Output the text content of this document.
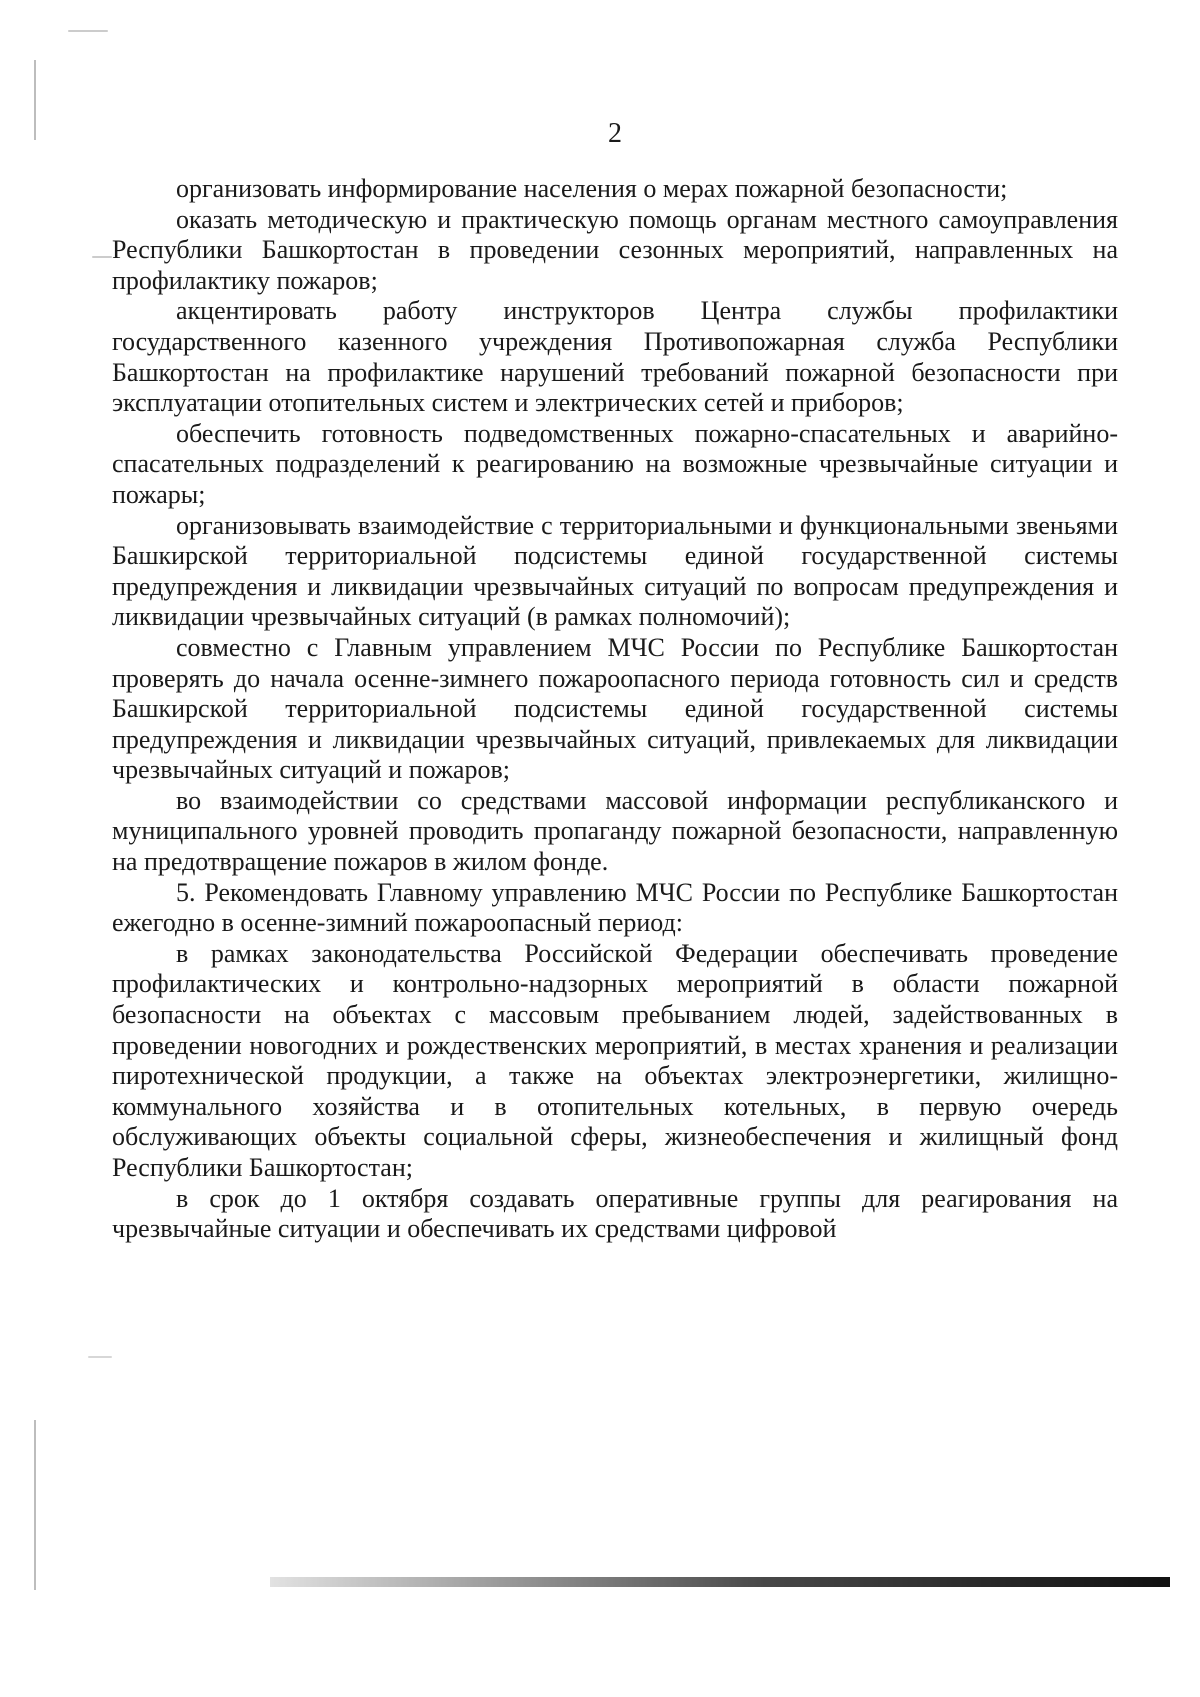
2

организовать информирование населения о мерах пожарной безопасности;

оказать методическую и практическую помощь органам местного самоуправления Республики Башкортостан в проведении сезонных мероприятий, направленных на профилактику пожаров;

акцентировать работу инструкторов Центра службы профилактики государственного казенного учреждения Противопожарная служба Республики Башкортостан на профилактике нарушений требований пожарной безопасности при эксплуатации отопительных систем и электрических сетей и приборов;

обеспечить готовность подведомственных пожарно-спасательных и аварийно-спасательных подразделений к реагированию на возможные чрезвычайные ситуации и пожары;

организовывать взаимодействие с территориальными и функциональными звеньями Башкирской территориальной подсистемы единой государственной системы предупреждения и ликвидации чрезвычайных ситуаций по вопросам предупреждения и ликвидации чрезвычайных ситуаций (в рамках полномочий);

совместно с Главным управлением МЧС России по Республике Башкортостан проверять до начала осенне-зимнего пожароопасного периода готовность сил и средств Башкирской территориальной подсистемы единой государственной системы предупреждения и ликвидации чрезвычайных ситуаций, привлекаемых для ликвидации чрезвычайных ситуаций и пожаров;

во взаимодействии со средствами массовой информации республиканского и муниципального уровней проводить пропаганду пожарной безопасности, направленную на предотвращение пожаров в жилом фонде.

5. Рекомендовать Главному управлению МЧС России по Республике Башкортостан ежегодно в осенне-зимний пожароопасный период:

в рамках законодательства Российской Федерации обеспечивать проведение профилактических и контрольно-надзорных мероприятий в области пожарной безопасности на объектах с массовым пребыванием людей, задействованных в проведении новогодних и рождественских мероприятий, в местах хранения и реализации пиротехнической продукции, а также на объектах электроэнергетики, жилищно-коммунального хозяйства и в отопительных котельных, в первую очередь обслуживающих объекты социальной сферы, жизнеобеспечения и жилищный фонд Республики Башкортостан;

в срок до 1 октября создавать оперативные группы для реагирования на чрезвычайные ситуации и обеспечивать их средствами цифровой
